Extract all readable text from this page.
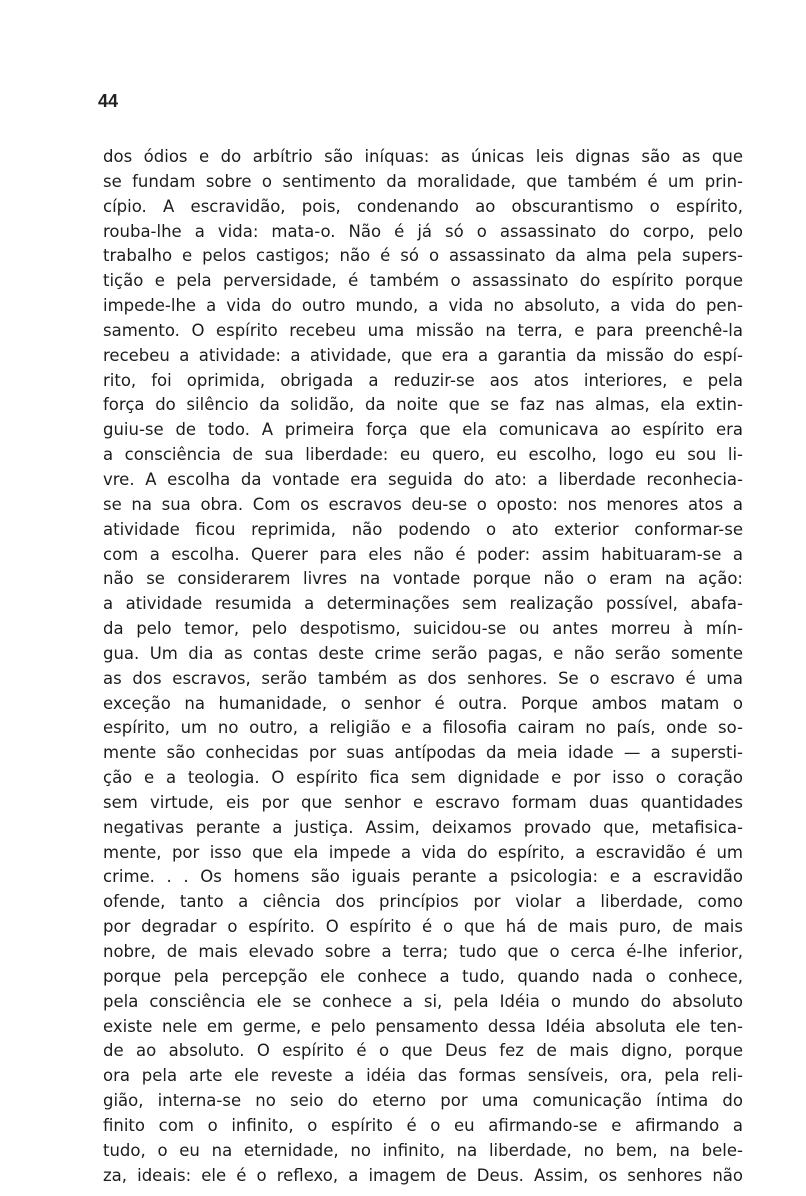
44
dos ódios e do arbítrio são iníquas: as únicas leis dignas são as que
se fundam sobre o sentimento da moralidade, que também é um prin-
cípio. A escravidão, pois, condenando ao obscurantismo o espírito,
rouba-lhe a vida: mata-o. Não é já só o assassinato do corpo, pelo
trabalho e pelos castigos; não é só o assassinato da alma pela supers-
tição e pela perversidade, é também o assassinato do espírito porque
impede-lhe a vida do outro mundo, a vida no absoluto, a vida do pen-
samento. O espírito recebeu uma missão na terra, e para preenchê-la
recebeu a atividade: a atividade, que era a garantia da missão do espí-
rito, foi oprimida, obrigada a reduzir-se aos atos interiores, e pela
força do silêncio da solidão, da noite que se faz nas almas, ela extin-
guiu-se de todo. A primeira força que ela comunicava ao espírito era
a consciência de sua liberdade: eu quero, eu escolho, logo eu sou li-
vre. A escolha da vontade era seguida do ato: a liberdade reconhecia-
se na sua obra. Com os escravos deu-se o oposto: nos menores atos a
atividade ficou reprimida, não podendo o ato exterior conformar-se
com a escolha. Querer para eles não é poder: assim habituaram-se a
não se considerarem livres na vontade porque não o eram na ação:
a atividade resumida a determinações sem realização possível, abafa-
da pelo temor, pelo despotismo, suicidou-se ou antes morreu à mín-
gua. Um dia as contas deste crime serão pagas, e não serão somente
as dos escravos, serão também as dos senhores. Se o escravo é uma
exceção na humanidade, o senhor é outra. Porque ambos matam o
espírito, um no outro, a religião e a filosofia cairam no país, onde so-
mente são conhecidas por suas antípodas da meia idade — a supersti-
ção e a teologia. O espírito fica sem dignidade e por isso o coração
sem virtude, eis por que senhor e escravo formam duas quantidades
negativas perante a justiça. Assim, deixamos provado que, metafisica-
mente, por isso que ela impede a vida do espírito, a escravidão é um
crime. . . Os homens são iguais perante a psicologia: e a escravidão
ofende, tanto a ciência dos princípios por violar a liberdade, como
por degradar o espírito. O espírito é o que há de mais puro, de mais
nobre, de mais elevado sobre a terra; tudo que o cerca é-lhe inferior,
porque pela percepção ele conhece a tudo, quando nada o conhece,
pela consciência ele se conhece a si, pela Idéia o mundo do absoluto
existe nele em germe, e pelo pensamento dessa Idéia absoluta ele ten-
de ao absoluto. O espírito é o que Deus fez de mais digno, porque
ora pela arte ele reveste a idéia das formas sensíveis, ora, pela reli-
gião, interna-se no seio do eterno por uma comunicação íntima do
finito com o infinito, o espírito é o eu afirmando-se e afirmando a
tudo, o eu na eternidade, no infinito, na liberdade, no bem, na bele-
za, ideais: ele é o reflexo, a imagem de Deus. Assim, os senhores não
